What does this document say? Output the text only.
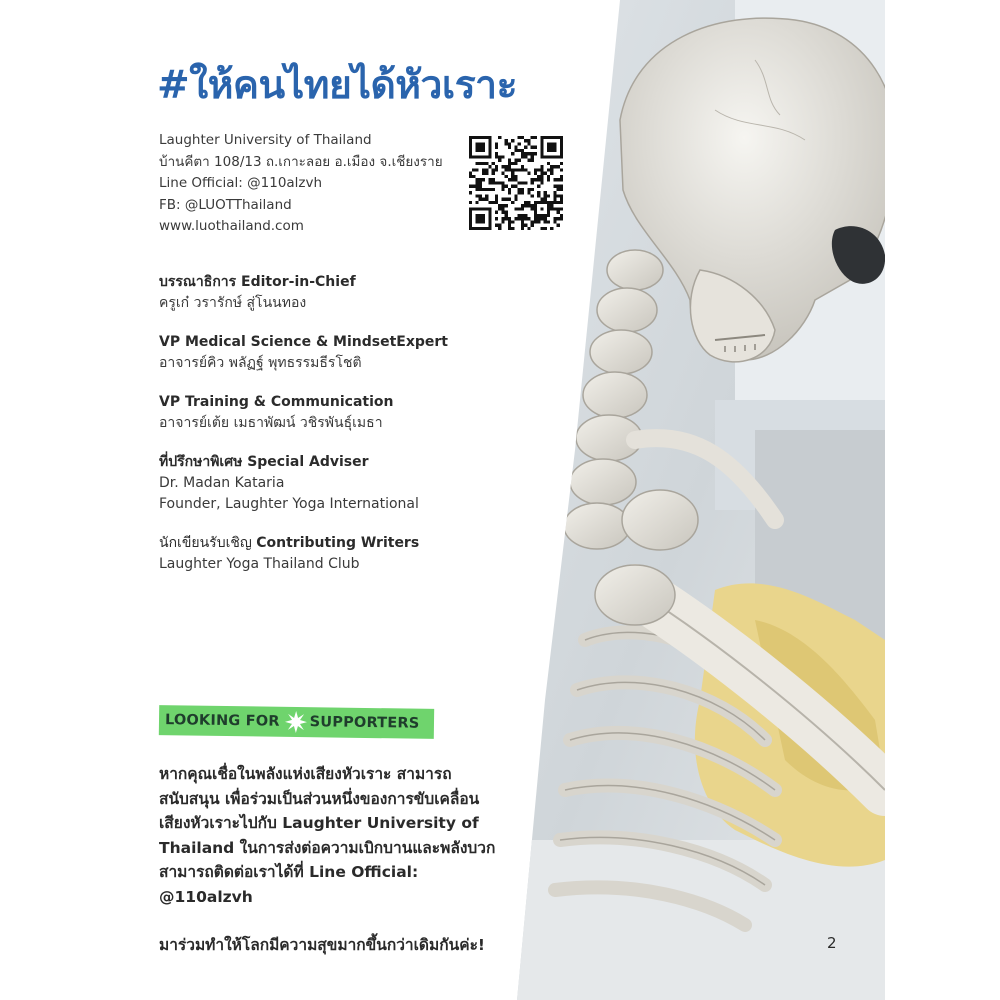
#ให้คนไทยได้หัวเราะ
Laughter University of Thailand
บ้านคีตา 108/13 ถ.เกาะลอย อ.เมือง จ.เชียงราย
Line Official: @110alzvh
FB: @LUOTThailand
www.luothailand.com
บรรณาธิการ Editor-in-Chief
ครูเก๋ วรารักษ์ สู่โนนทอง
VP Medical Science & MindsetExpert
อาจารย์คิว พลัฏฐ์ พุทธรรมธีรโชติ
VP Training & Communication
อาจารย์เต้ย เมธาพัฒน์ วชิรพันธุ์เมธา
ที่ปรึกษาพิเศษ Special Adviser
Dr. Madan Kataria
Founder, Laughter Yoga International
นักเขียนรับเชิญ Contributing Writers
Laughter Yoga Thailand Club
LOOKING FOR SUPPORTERS
หากคุณเชื่อในพลังแห่งเสียงหัวเราะ สามารถ
สนับสนุน เพื่อร่วมเป็นส่วนหนึ่งของการขับเคลื่อน
เสียงหัวเราะไปกับ Laughter University of
Thailand ในการส่งต่อความเบิกบานและพลังบวก
สามารถติดต่อเราได้ที่ Line Official:
@110alzvh
มาร่วมทำให้โลกมีความสุขมากขึ้นกว่าเดิมกันค่ะ!	2
